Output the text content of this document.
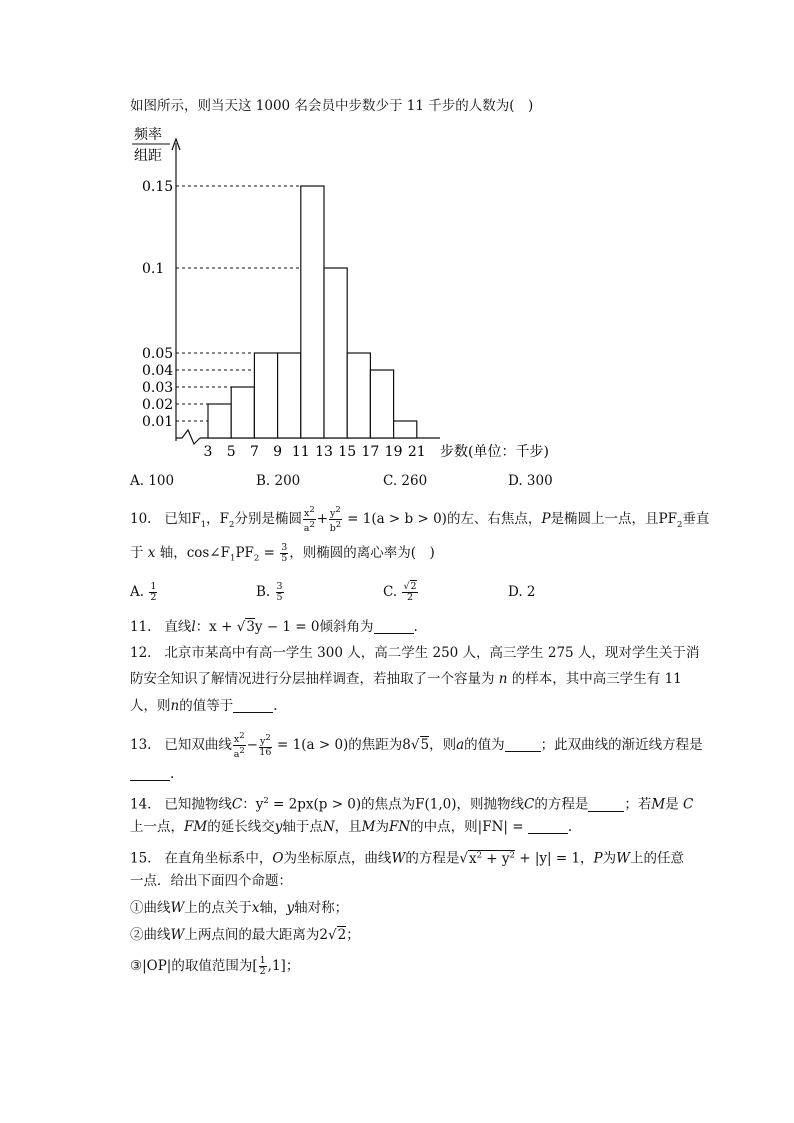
如图所示，则当天这 1000 名会员中步数少于 11 千步的人数为(　)
频率
组距
0.01
0.02
0.03
0.04
0.05
0.1
0.15
3 5 7 9 11 13 15 17 19 21 步数(单位：千步)
A. 100	B. 200	C. 260	D. 300
10. 已知$F_1$，$F_2$分别是椭圆 $\frac{x^2}{a^2} + \frac{y^2}{b^2} = 1(a > b > 0)$的左、右焦点，P是椭圆上一点，且$PF_2$垂直
于 x 轴，$\cos\angle F_1PF_2 = \frac{3}{5}$ ，则椭圆的离心率为(　)
A. $\frac{1}{2}$	B. $\frac{3}{5}$	C. $\frac{√2}{2}$	D. 2
11. 直线l：x + √3y − 1 = 0倾斜角为	.
12. 北京市某高中有高一学生 300 人，高二学生 250 人，高三学生 275 人，现对学生关于消
防安全知识了解情况进行分层抽样调查，若抽取了一个容量为 n 的样本，其中高三学生有 11
人，则n的值等于	.
13. 已知双曲线 $\frac{x^2}{a^2} - \frac{y^2}{16} = 1(a > 0)$的焦距为8√5，则a的值为	；此双曲线的渐近线方程是
.
14. 已知抛物线C：$y^2 = 2px(p > 0)$的焦点为F(1,0)，则抛物线C的方程是	；若M是 C
上一点，FM的延长线交y轴于点N，且M为FN的中点，则|FN| =	.
15. 在直角坐标系中，O为坐标原点，曲线W的方程是$√x^2 + y^2 + |y| = 1$，P为W上的任意
一点．给出下面四个命题：
①曲线W上的点关于x轴，y轴对称；
②曲线W上两点间的最大距离为2√2；
③|OP|的取值范围为[ $\frac{1}{2} ,1$]；
